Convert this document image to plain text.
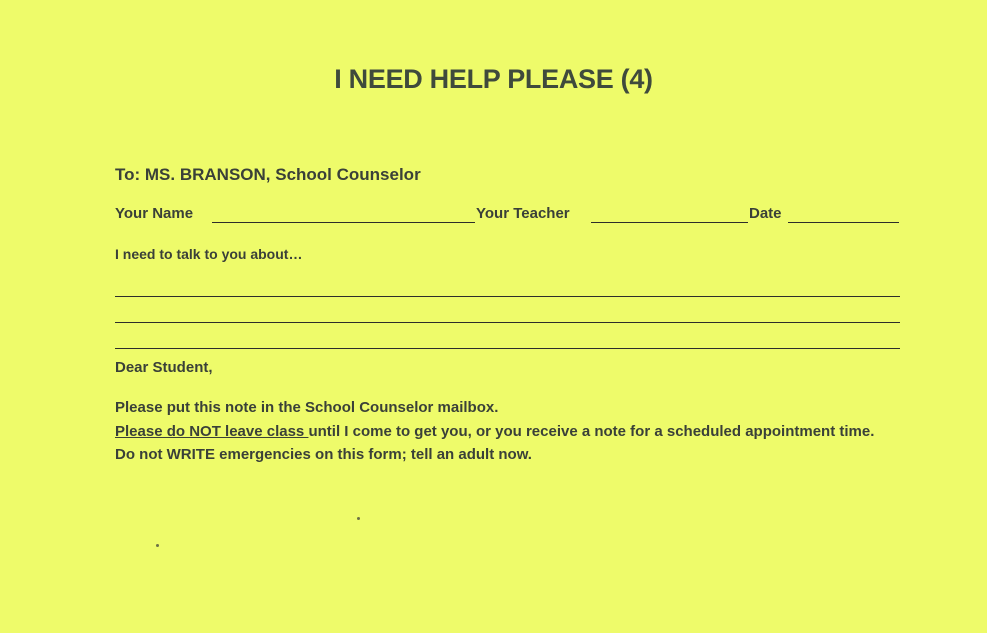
I NEED HELP PLEASE (4)
To: MS. BRANSON, School Counselor
Your Name	Your Teacher	Date
I need to talk to you about…
Dear Student,

Please put this note in the School Counselor mailbox.

Please do NOT leave class until I come to get you, or you receive a note for a scheduled appointment time.

Do not WRITE emergencies on this form; tell an adult now.
